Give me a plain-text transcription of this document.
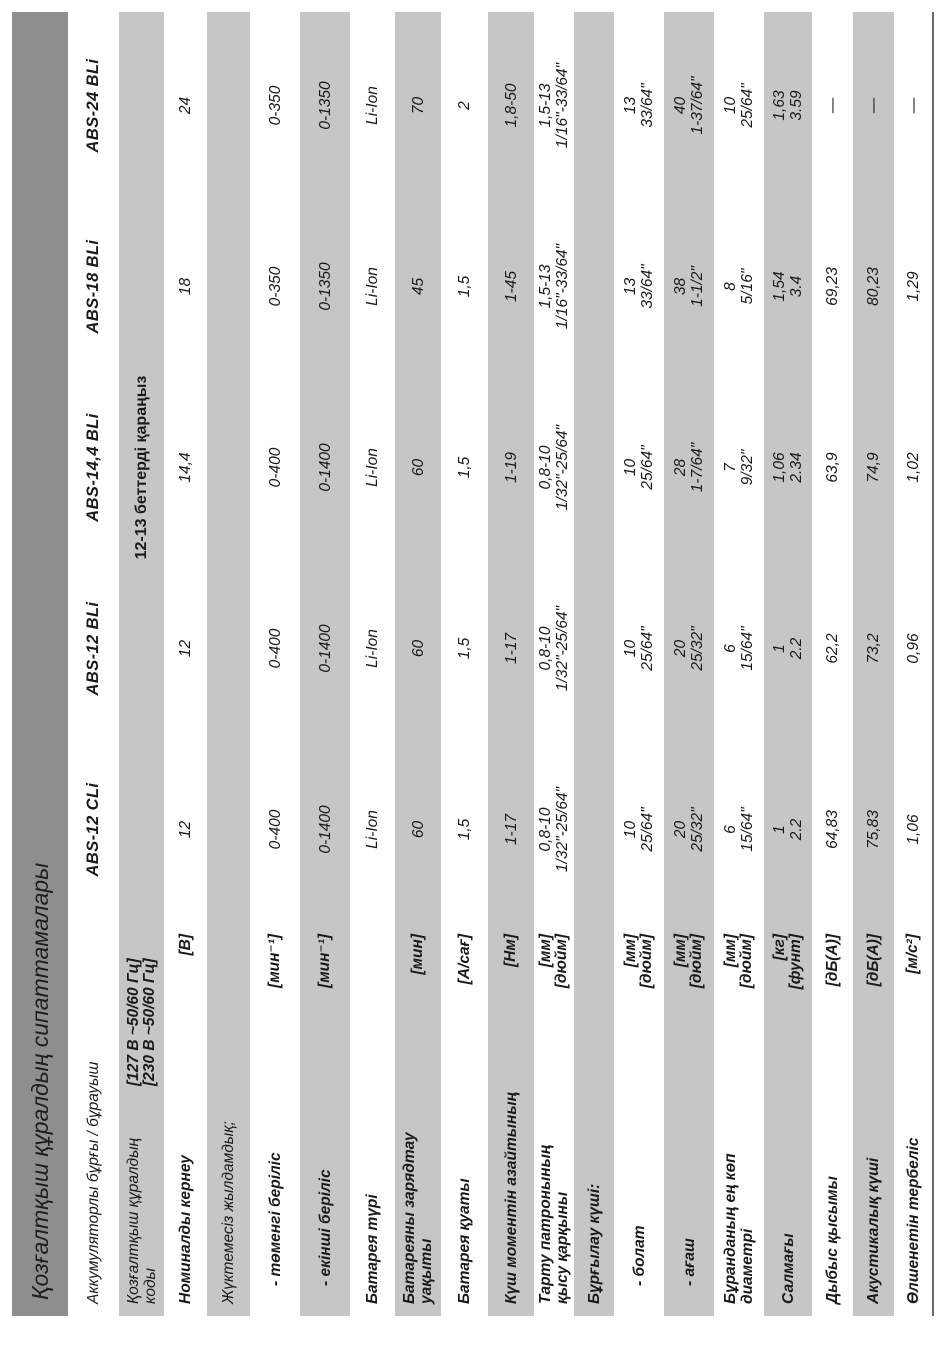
Қозғалтқыш құралдың сипаттамалары	Аккумуляторлы бұрғы / бұрауыш
ABS-12 CLi
ABS-12 BLi
ABS-14,4 BLi
ABS-18 BLi
ABS-24 BLi
Қозғалтқыш құралдың коды
[127 В ~50/60 Гц] [230 В ~50/60 Гц]
12-13 беттерді қараңыз
Номиналды кернеу
[В]
12
12
14,4
18
24
Жүктемесіз жылдамдық; - төменгі беріліс
[мин⁻¹]
0-400
0-400
0-400
0-350
0-350
- екінші беріліс
[мин⁻¹]
0-1400
0-1400
0-1400
0-1350
0-1350
Батарея түрі
Li-Ion
Li-Ion
Li-Ion
Li-Ion
Li-Ion
Батареяны зарядтау уақыты
[мин]
60
60
60
45
70
Батарея қуаты
[А/сағ]
1,5
1,5
1,5
1,5
2
Күш моментін азайтының
[Нм]
1-17
1-17
1-19
1-45
1,8-50
Тарту патронының қысу қарқыны
[мм] [дюйм]
0,8-10 1/32"-25/64"
0,8-10 1/32"-25/64"
0,8-10 1/32"-25/64"
1,5-13 1/16"-33/64"
1,5-13 1/16"-33/64"
Бұрғылау күші: - болат
[мм] [дюйм]
10 25/64"
10 25/64"
10 25/64"
13 33/64"
13 33/64"
- ағаш
[мм] [дюйм]
20 25/32"
20 25/32"
28 1-7/64"
38 1-1/2"
40 1-37/64"
Бұранданың ең көп диаметрі
[мм] [дюйм]
6 15/64"
6 15/64"
7 9/32"
8 5/16"
10 25/64"
Салмағы
[кг] [фунт]
1 2.2
1 2.2
1,06 2.34
1,54 3.4
1,63 3.59
Дыбыс қысымы
[дБ(А)]
64,83
62,2
63,9
69,23
—
Акустикалық күші
[дБ(А)]
75,83
73,2
74,9
80,23
—
Өлшенетін тербеліс
[м/с²]
1,06
0,96
1,02
1,29
—
